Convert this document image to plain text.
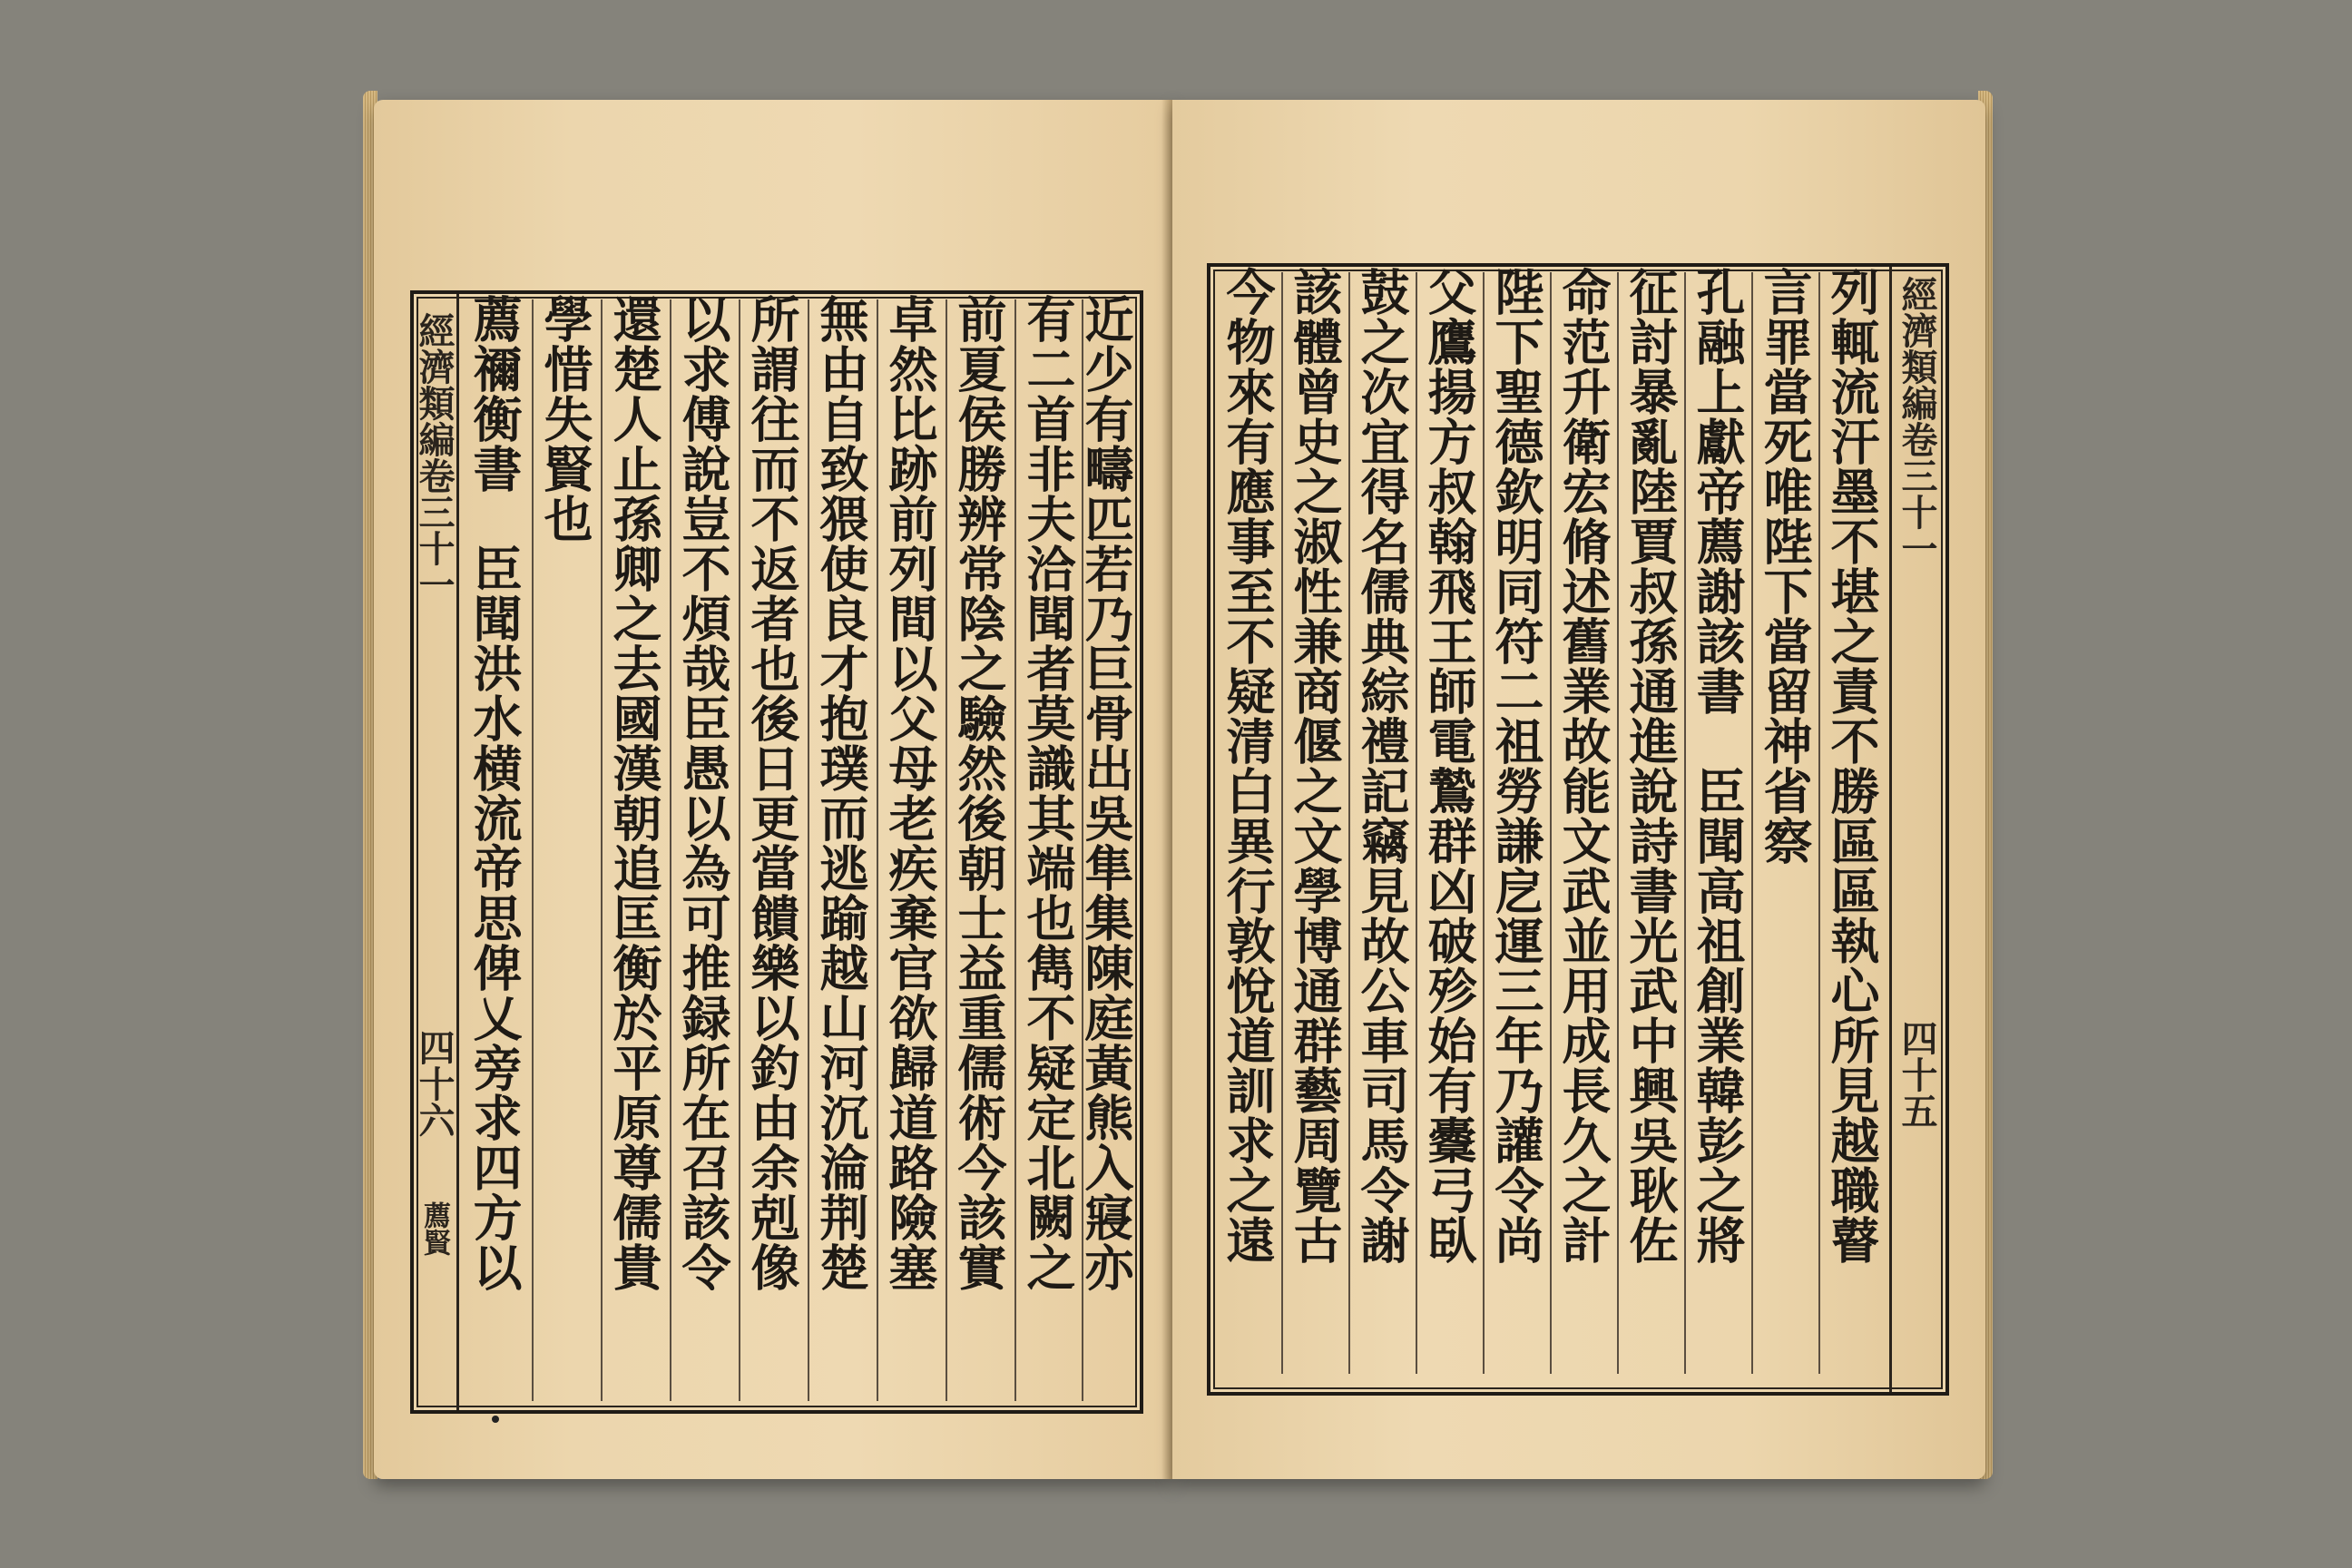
經濟類編卷三十一
四十六
薦賢 薦禰衡書　臣聞洪水横流帝思俾乂旁求四方以 學惜失賢也 還楚人止孫卿之去國漢朝追匡衡於平原尊儒貴 以求傅說豈不煩哉臣愚以為可推録所在召該令 所謂往而不返者也後日更當饋樂以釣由余剋像 無由自致猥使良才抱璞而逃踰越山河沉淪荆楚 卓然比跡前列間以父母老疾棄官欲歸道路險塞 前夏侯勝辨常陰之驗然後朝士益重儒術今該實 有二首非夫洽聞者莫識其端也雋不疑定北闕之 近少有疇匹若乃巨骨出吳隼集陳庭黃熊入寢亦 今物來有應事至不疑清白異行敦悅道訓求之遠 該體曾史之淑性兼商偃之文學博通群藝周覽古 鼓之次宜得名儒典綜禮記竊見故公車司馬令謝 父鷹揚方叔翰飛王師電鷙群凶破殄始有櫜弓臥 陛下聖德欽明同符二祖勞謙戹運三年乃讙令尚 命范升衛宏脩述舊業故能文武並用成長久之計 征討暴亂陸賈叔孫通進說詩書光武中興吳耿佐 孔融上獻帝薦謝該書　臣聞高祖創業韓彭之將 言罪當死唯陛下當留神省察 列輒流汗墨不堪之責不勝區區執心所見越職瞽 經濟類編卷三十一
四十五
